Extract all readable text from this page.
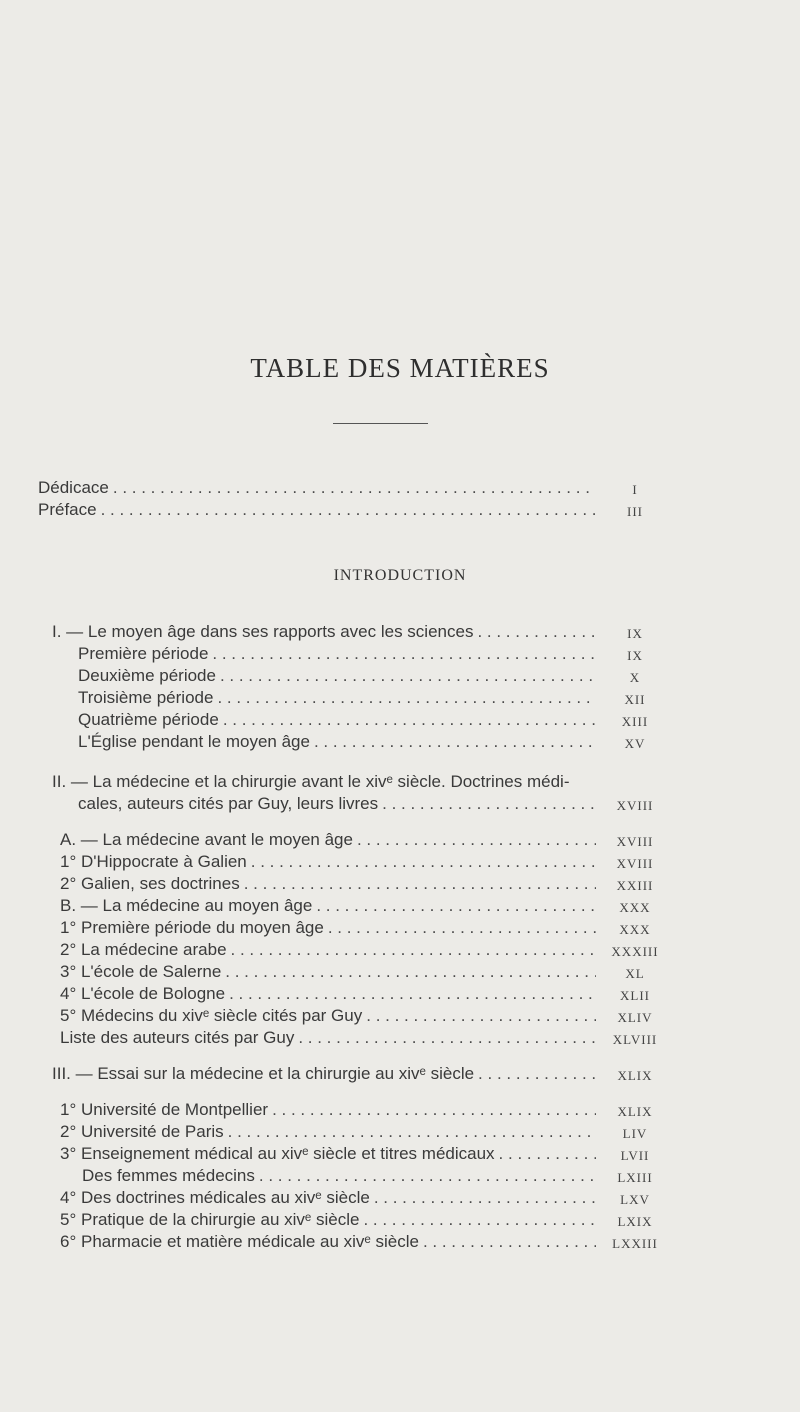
TABLE DES MATIÈRES
Dédicace . . .	I
Préface . . .	III
INTRODUCTION
I. — Le moyen âge dans ses rapports avec les sciences . . .	IX
Première période . . .	IX
Deuxième période . . .	X
Troisième période . . .	XII
Quatrième période . . .	XIII
L'Église pendant le moyen âge . . .	XV
II. — La médecine et la chirurgie avant le xivᵉ siècle. Doctrines médi-
cales, auteurs cités par Guy, leurs livres . . .	XVIII
A. — La médecine avant le moyen âge . . .	XVIII
1° D'Hippocrate à Galien . . .	XVIII
2° Galien, ses doctrines . . .	XXIII
B. — La médecine au moyen âge . . .	XXX
1° Première période du moyen âge . . .	XXX
2° La médecine arabe . . .	XXXIII
3° L'école de Salerne . . .	XL
4° L'école de Bologne . . .	XLII
5° Médecins du xivᵉ siècle cités par Guy . . .	XLIV
Liste des auteurs cités par Guy . . .	XLVIII
III. — Essai sur la médecine et la chirurgie au xivᵉ siècle . . .	XLIX
1° Université de Montpellier . . .	XLIX
2° Université de Paris . . .	LIV
3° Enseignement médical au xivᵉ siècle et titres médicaux . . .	LVII
Des femmes médecins . . .	LXIII
4° Des doctrines médicales au xivᵉ siècle . . .	LXV
5° Pratique de la chirurgie au xivᵉ siècle . . .	LXIX
6° Pharmacie et matière médicale au xivᵉ siècle . . .	LXXIII
